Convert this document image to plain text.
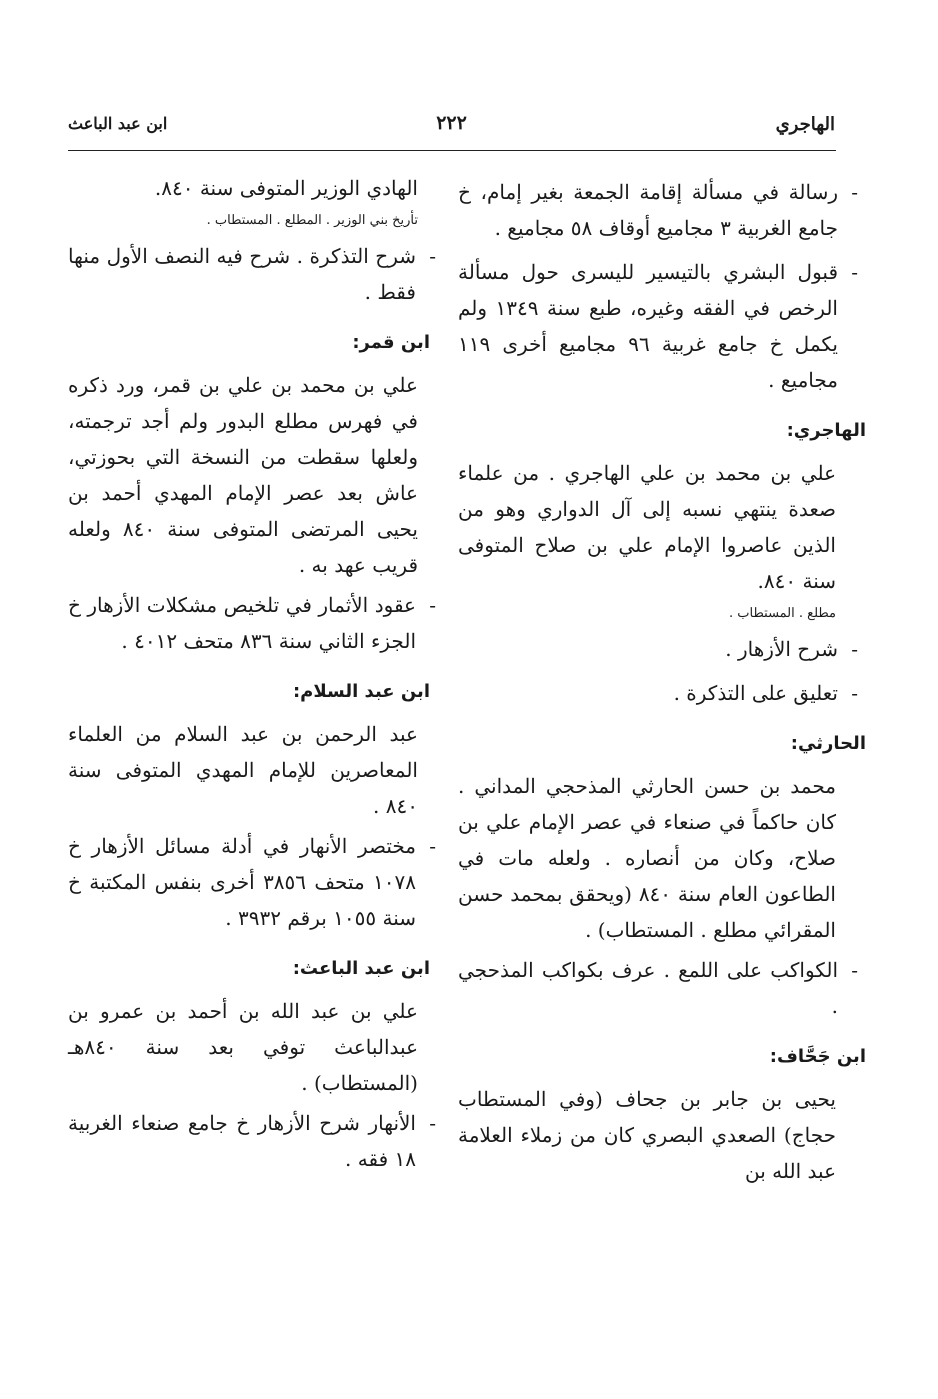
الهاجري
٢٢٢
ابن عبد الباعث
-
رسالة في مسألة إقامة الجمعة بغير إمام، خ جامع الغربية ٣ مجاميع أوقاف ٥٨ مجاميع .
-
قبول البشري بالتيسير لليسرى حول مسألة الرخص في الفقه وغيره، طبع سنة ١٣٤٩ ولم يكمل خ جامع غربية ٩٦ مجاميع أخرى ١١٩ مجاميع .
الهاجري:

علي بن محمد بن علي الهاجري . من علماء صعدة ينتهي نسبه إلى آل الدواري وهو من الذين عاصروا الإمام علي بن صلاح المتوفى سنة ٨٤٠.

مطلع . المستطاب .
-
شرح الأزهار .
-
تعليق على التذكرة .
الحارثي:

محمد بن حسن الحارثي المذحجي المداني . كان حاكماً في صنعاء في عصر الإمام علي بن صلاح، وكان من أنصاره . ولعله مات في الطاعون العام سنة ٨٤٠ (ويحقق بمحمد حسن المقرائي مطلع . المستطاب) .

-
الكواكب على اللمع . عرف بكواكب المذحجي .
ابن جَحَّاف:

يحيى بن جابر بن جحاف (وفي المستطاب حجاج) الصعدي البصري كان من زملاء العلامة عبد الله بن

الهادي الوزير المتوفى سنة ٨٤٠.

تأريخ بني الوزير . المطلع . المستطاب .
-
شرح التذكرة . شرح فيه النصف الأول منها فقط .
ابن قمر:

علي بن محمد بن علي بن قمر، ورد ذكره في فهرس مطلع البدور ولم أجد ترجمته، ولعلها سقطت من النسخة التي بحوزتي، عاش بعد عصر الإمام المهدي أحمد بن يحيى المرتضى المتوفى سنة ٨٤٠ ولعله قريب عهد به .

-
عقود الأثمار في تلخيص مشكلات الأزهار خ الجزء الثاني سنة ٨٣٦ متحف ٤٠١٢ .
ابن عبد السلام:

عبد الرحمن بن عبد السلام من العلماء المعاصرين للإمام المهدي المتوفى سنة ٨٤٠ .

-
مختصر الأنهار في أدلة مسائل الأزهار خ ١٠٧٨ متحف ٣٨٥٦ أخرى بنفس المكتبة خ سنة ١٠٥٥ برقم ٣٩٣٢ .
ابن عبد الباعث:

علي بن عبد الله بن أحمد بن عمرو بن عبدالباعث توفي بعد سنة ٨٤٠هـ (المستطاب) .

-
الأنهار شرح الأزهار خ جامع صنعاء الغربية ١٨ فقه .
